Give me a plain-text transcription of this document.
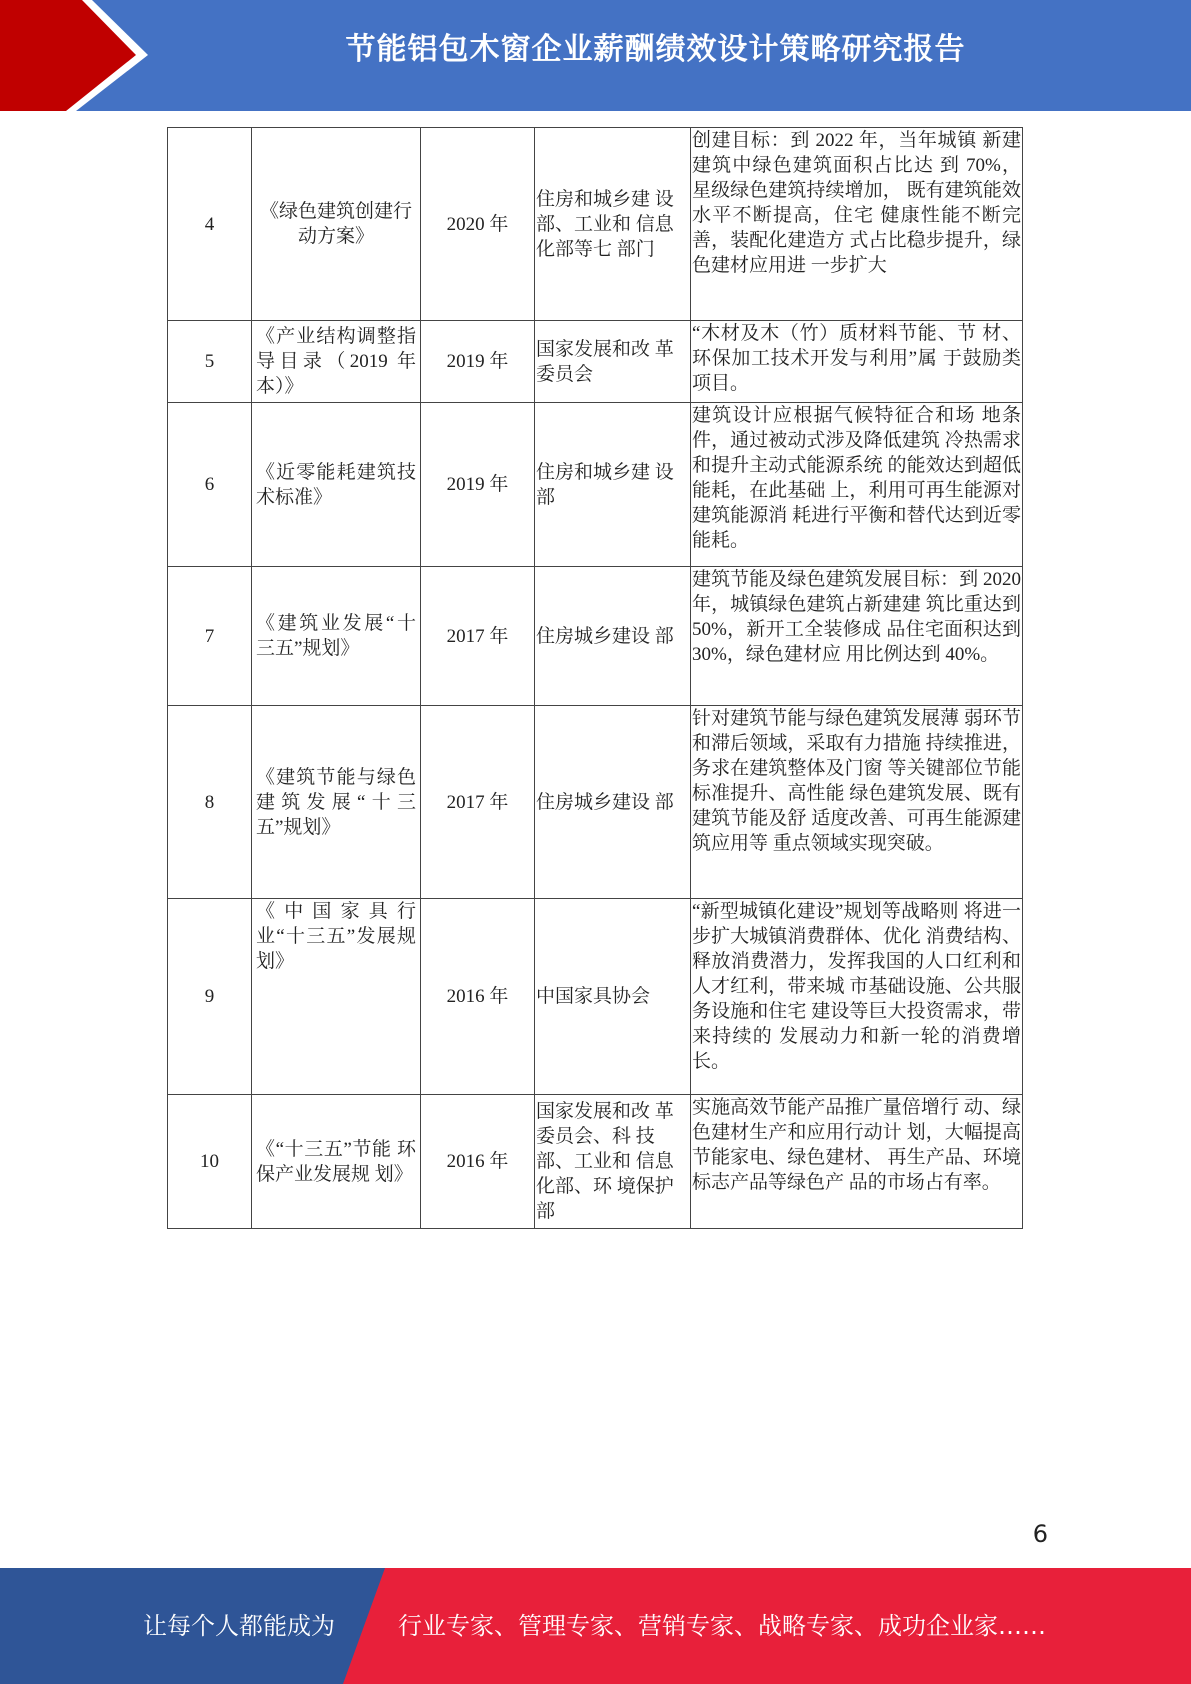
节能铝包木窗企业薪酬绩效设计策略研究报告
4	《绿色建筑创建行动方案》	2020 年	住房和城乡建 设部、工业和 信息化部等七 部门	创建目标：到 2022 年，当年城镇 新建建筑中绿色建筑面积占比达 到 70%，星级绿色建筑持续增加， 既有建筑能效水平不断提高，住宅 健康性能不断完善，装配化建造方 式占比稳步提升，绿色建材应用进 一步扩大
5	《产业结构调整指导目录（2019 年本）》	2019 年	国家发展和改 革委员会	“木材及木（竹）质材料节能、节 材、环保加工技术开发与利用”属 于鼓励类项目。
6	《近零能耗建筑技术标准》	2019 年	住房和城乡建 设部	建筑设计应根据气候特征合和场 地条件，通过被动式涉及降低建筑 冷热需求和提升主动式能源系统 的能效达到超低能耗，在此基础 上，利用可再生能源对建筑能源消 耗进行平衡和替代达到近零能耗。
7	《建筑业发展“十三五”规划》	2017 年	住房城乡建设 部	建筑节能及绿色建筑发展目标：到 2020 年，城镇绿色建筑占新建建 筑比重达到 50%，新开工全装修成 品住宅面积达到 30%，绿色建材应 用比例达到 40%。
8	《建筑节能与绿色建筑发展“十三五”规划》	2017 年	住房城乡建设 部	针对建筑节能与绿色建筑发展薄 弱环节和滞后领域，采取有力措施 持续推进，务求在建筑整体及门窗 等关键部位节能标准提升、高性能 绿色建筑发展、既有建筑节能及舒 适度改善、可再生能源建筑应用等 重点领域实现突破。
9	《中国家具行业“十三五”发展规划》	2016 年	中国家具协会	“新型城镇化建设”规划等战略则 将进一步扩大城镇消费群体、优化 消费结构、释放消费潜力，发挥我国的人口红利和人才红利，带来城 市基础设施、公共服务设施和住宅 建设等巨大投资需求，带来持续的 发展动力和新一轮的消费增长。
10	《“十三五”节能 环保产业发展规 划》	2016 年	国家发展和改 革委员会、科 技部、工业和 信息化部、环 境保护部	实施高效节能产品推广量倍增行 动、绿色建材生产和应用行动计 划，大幅提高节能家电、绿色建材、 再生产品、环境标志产品等绿色产 品的市场占有率。
6
让每个人都能成为	行业专家、管理专家、营销专家、战略专家、成功企业家……
